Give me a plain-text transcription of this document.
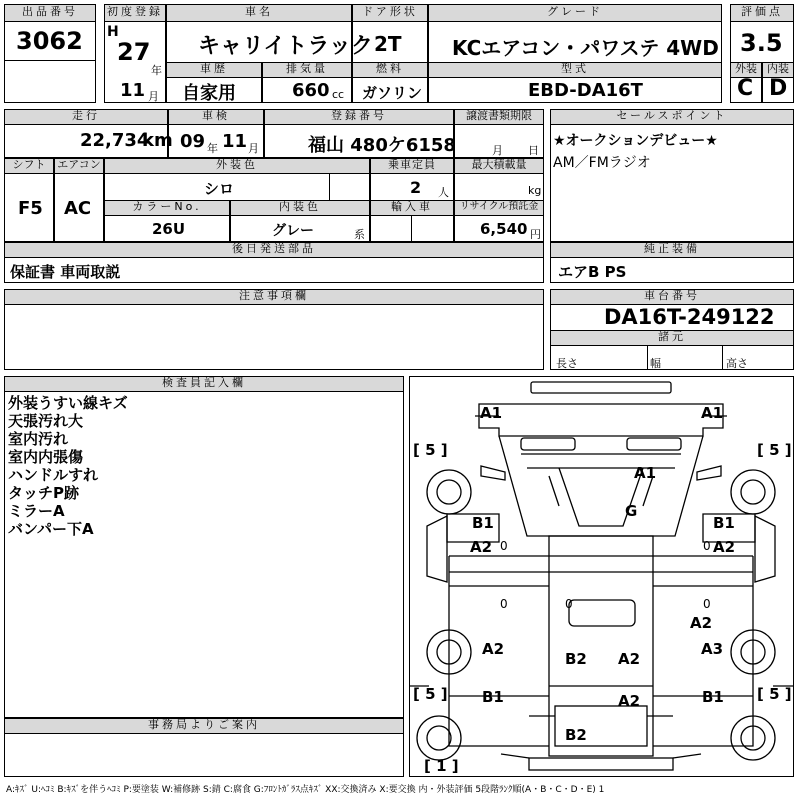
出品番号
3062
初度登録
H
27
年
11 月
車名
キャリイトラック
ドア形状
2T
グレード
KCエアコン・パワステ 4WD
評価点
3.5
車歴
自家用
排気量
660 cc
燃料
ガソリン
型式
EBD-DA16T
外装
C
内装
D
走行
22,734
km
車検
09 年 11 月
登録番号
福山 480ケ6158
譲渡書類期限
月 日
セールスポイント
★オークションデビュー★
AM／FMラジオ
シフト
F5
エアコン
AC
外装色
シロ
乗車定員
2 人
最大積載量
kg
カラーNo.
26U
内装色
グレー	系
輸入車	リサイクル預託金
6,540 円
後日発送部品
保証書 車両取説
純正装備
エアB PS
注意事項欄	車台番号
DA16T-249122
諸元
長さ	幅	高さ
検査員記入欄
外装うすい線キズ
天張汚れ大
室内汚れ
室内内張傷
ハンドルすれ
タッチP跡
ミラーA
バンパー下A
事務局よりご案内
A1	A1
A1
G
B1	B1
A2	A2
A2
A2	A3
B2 A2
B1	B1
A2
B2
[ 5 ]	[ 5 ]
[ 5 ]	[ 5 ]
[ 1 ]
0	0
0	0
0
A:ｷｽﾞ U:ﾍｺﾐ B:ｷｽﾞを伴うﾍｺﾐ P:要塗装 W:補修跡 S:錆 C:腐食 G:ﾌﾛﾝﾄｶﾞﾗｽ点ｷｽﾞ XX:交換済み X:要交換 内・外装評価 5段階ﾗﾝｸ順(A・B・C・D・E) 1
